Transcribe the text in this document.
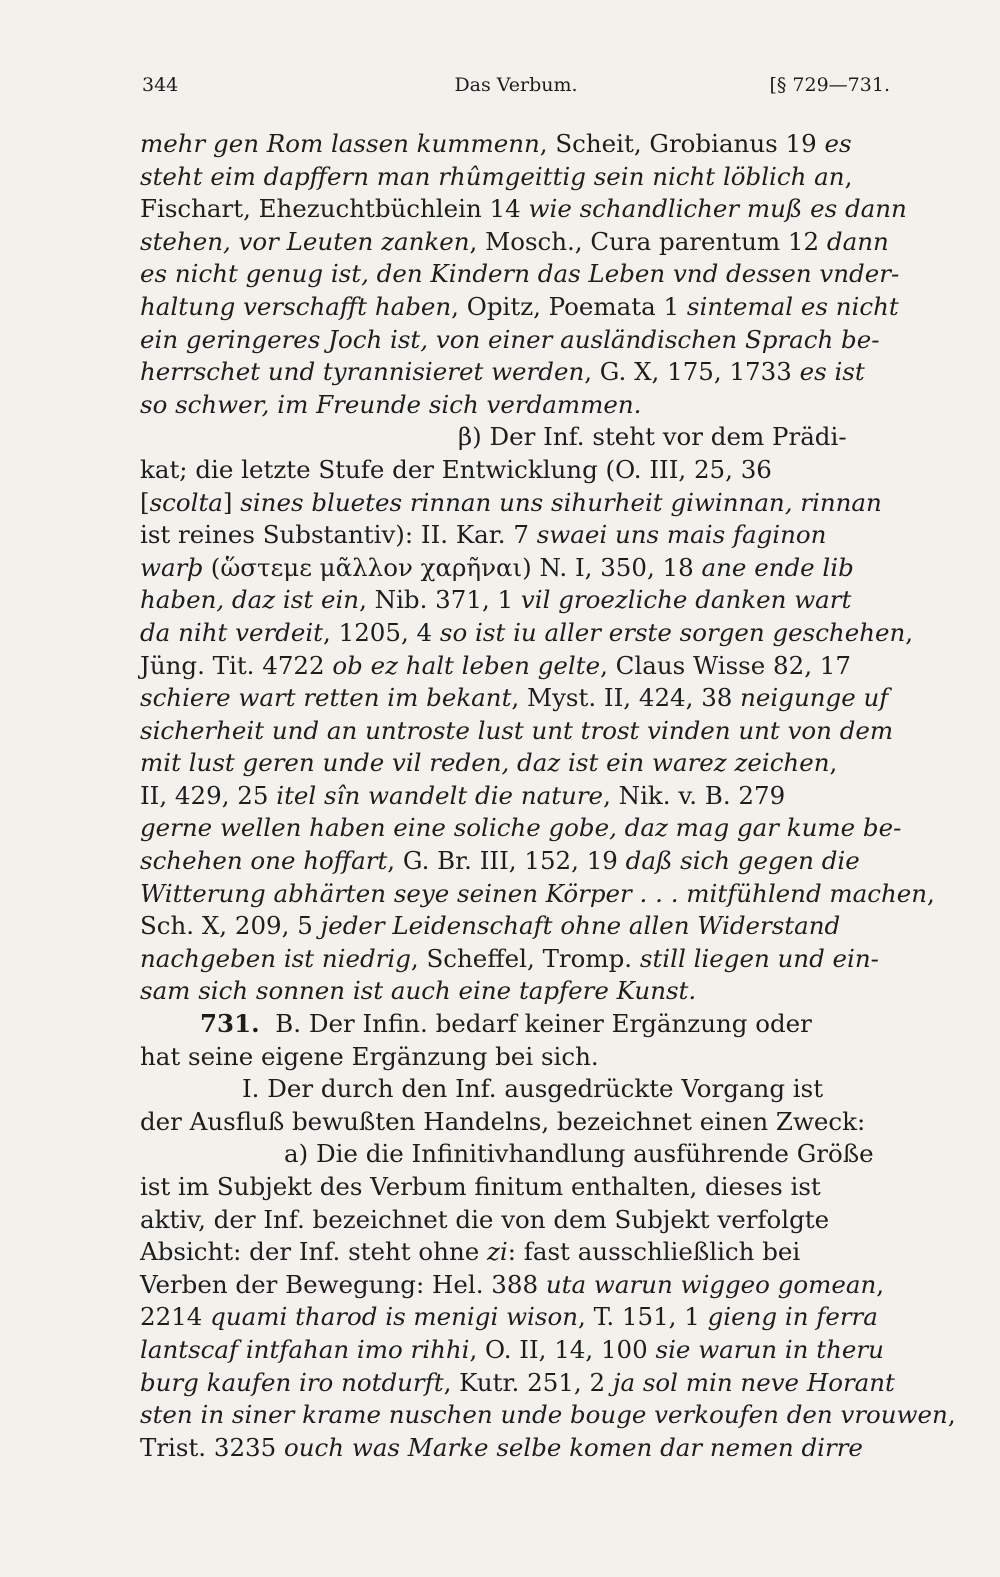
344	Das Verbum.	[§ 729—731.
mehr gen Rom lassen kummenn, Scheit, Grobianus 19 es
steht eim dapffern man rhûmgeittig sein nicht löblich an,
Fischart, Ehezuchtbüchlein 14 wie schandlicher muß es dann
stehen, vor Leuten zanken, Mosch., Cura parentum 12 dann
es nicht genug ist, den Kindern das Leben vnd dessen vnder-
haltung verschafft haben, Opitz, Poemata 1 sintemal es nicht
ein geringeres Joch ist, von einer ausländischen Sprach be-
herrschet und tyrannisieret werden, G. X, 175, 1733 es ist
so schwer, im Freunde sich verdammen.
β) Der Inf. steht vor dem Prädi-
kat; die letzte Stufe der Entwicklung (O. III, 25, 36
[scolta] sines bluetes rinnan uns sihurheit giwinnan, rinnan
ist reines Substantiv): II. Kar. 7 swaei uns mais faginon
warþ (ὥστεμε μᾶλλον χαρῆναι) N. I, 350, 18 ane ende lib
haben, daz ist ein, Nib. 371, 1 vil groezliche danken wart
da niht verdeit, 1205, 4 so ist iu aller erste sorgen geschehen,
Jüng. Tit. 4722 ob ez halt leben gelte, Claus Wisse 82, 17
schiere wart retten im bekant, Myst. II, 424, 38 neigunge uf
sicherheit und an untroste lust unt trost vinden unt von dem
mit lust geren unde vil reden, daz ist ein warez zeichen,
II, 429, 25 itel sîn wandelt die nature, Nik. v. B. 279
gerne wellen haben eine soliche gobe, daz mag gar kume be-
schehen one hoffart, G. Br. III, 152, 19 daß sich gegen die
Witterung abhärten seye seinen Körper . . . mitfühlend machen,
Sch. X, 209, 5 jeder Leidenschaft ohne allen Widerstand
nachgeben ist niedrig, Scheffel, Tromp. still liegen und ein-
sam sich sonnen ist auch eine tapfere Kunst.
731.  B. Der Infin. bedarf keiner Ergänzung oder
hat seine eigene Ergänzung bei sich.
I. Der durch den Inf. ausgedrückte Vorgang ist
der Ausfluß bewußten Handelns, bezeichnet einen Zweck:
a) Die die Infinitivhandlung ausführende Größe
ist im Subjekt des Verbum finitum enthalten, dieses ist
aktiv, der Inf. bezeichnet die von dem Subjekt verfolgte
Absicht: der Inf. steht ohne zi: fast ausschließlich bei
Verben der Bewegung: Hel. 388 uta warun wiggeo gomean,
2214 quami tharod is menigi wison, T. 151, 1 gieng in ferra
lantscaf intfahan imo rihhi, O. II, 14, 100 sie warun in theru
burg kaufen iro notdurft, Kutr. 251, 2 ja sol min neve Horant
sten in siner krame nuschen unde bouge verkoufen den vrouwen,
Trist. 3235 ouch was Marke selbe komen dar nemen dirre
